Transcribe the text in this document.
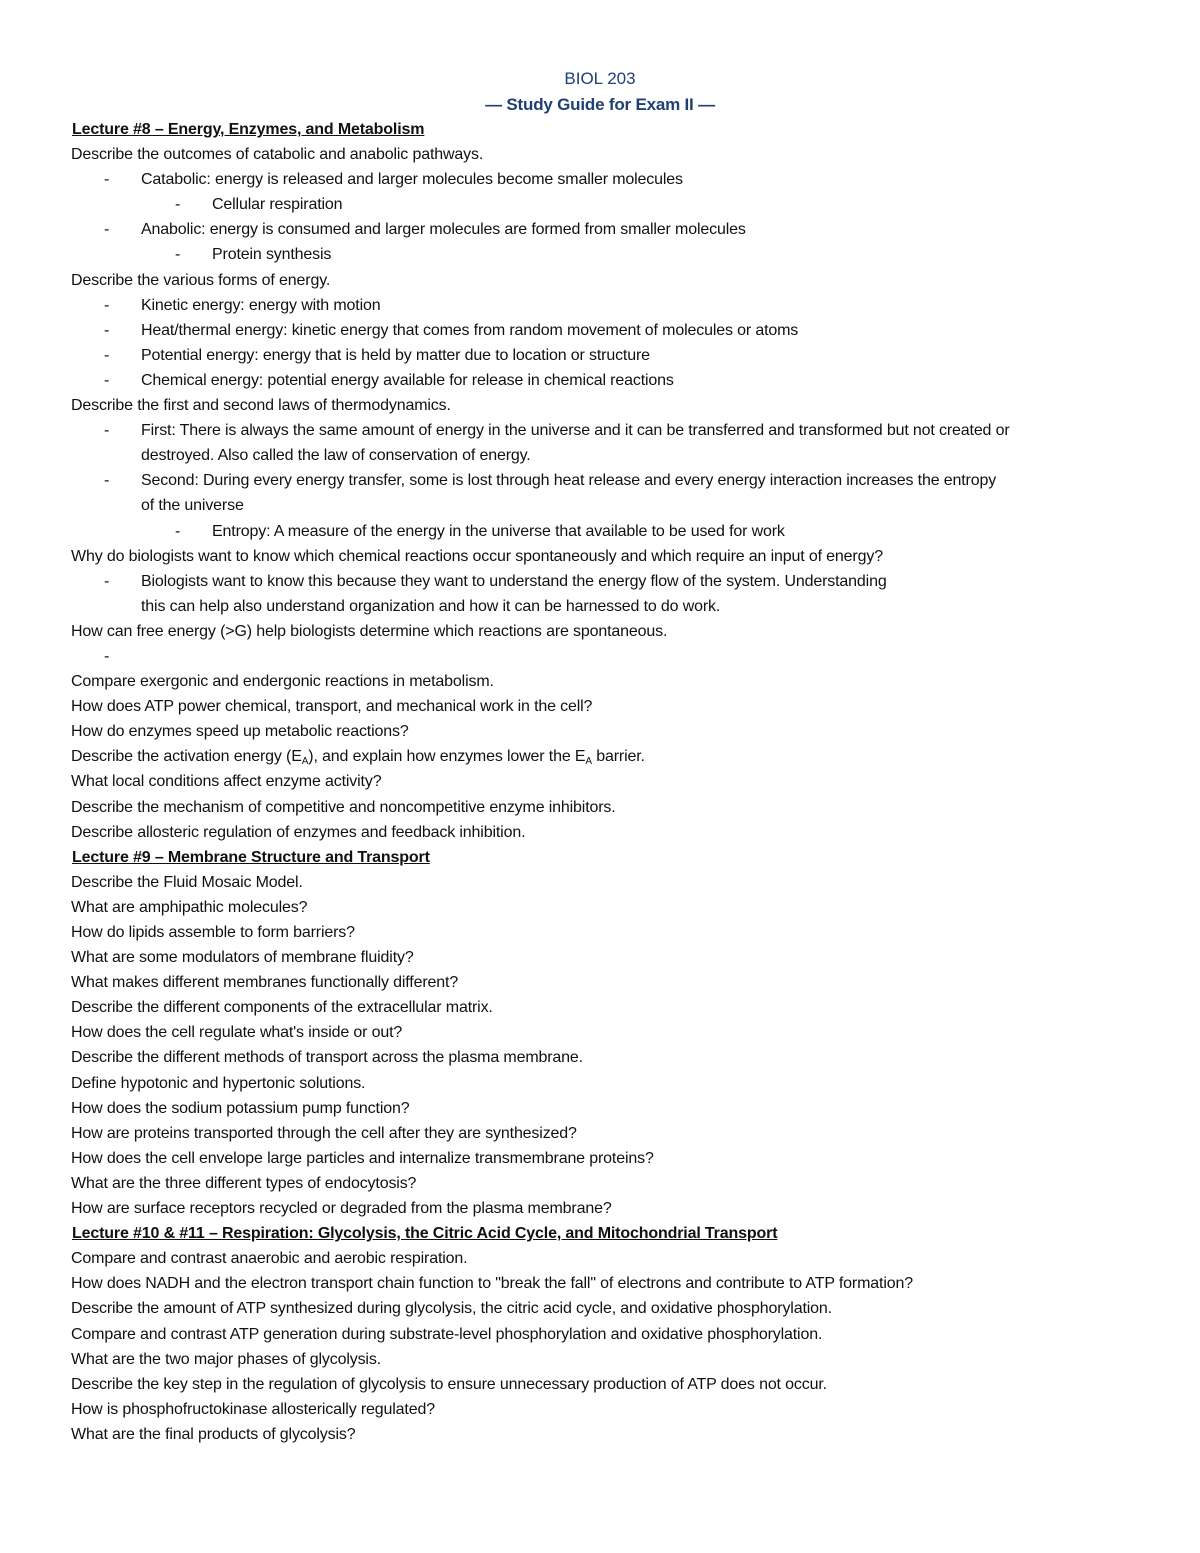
BIOL 203
— Study Guide for Exam II —
Lecture #8 – Energy, Enzymes, and Metabolism
Describe the outcomes of catabolic and anabolic pathways.
- Catabolic: energy is released and larger molecules become smaller molecules
- Cellular respiration
- Anabolic: energy is consumed and larger molecules are formed from smaller molecules
- Protein synthesis
Describe the various forms of energy.
- Kinetic energy: energy with motion
- Heat/thermal energy: kinetic energy that comes from random movement of molecules or atoms
- Potential energy: energy that is held by matter due to location or structure
- Chemical energy: potential energy available for release in chemical reactions
Describe the first and second laws of thermodynamics.
- First: There is always the same amount of energy in the universe and it can be transferred and transformed but not created or
destroyed. Also called the law of conservation of energy.
- Second: During every energy transfer, some is lost through heat release and every energy interaction increases the entropy
of the universe
- Entropy: A measure of the energy in the universe that available to be used for work
Why do biologists want to know which chemical reactions occur spontaneously and which require an input of energy?
- Biologists want to know this because they want to understand the energy flow of the system. Understanding
this can help also understand organization and how it can be harnessed to do work.
How can free energy (>G) help biologists determine which reactions are spontaneous.
-
Compare exergonic and endergonic reactions in metabolism.
How does ATP power chemical, transport, and mechanical work in the cell?
How do enzymes speed up metabolic reactions?
Describe the activation energy (EA), and explain how enzymes lower the EA barrier.
What local conditions affect enzyme activity?
Describe the mechanism of competitive and noncompetitive enzyme inhibitors.
Describe allosteric regulation of enzymes and feedback inhibition.
Lecture #9 – Membrane Structure and Transport
Describe the Fluid Mosaic Model.
What are amphipathic molecules?
How do lipids assemble to form barriers?
What are some modulators of membrane fluidity?
What makes different membranes functionally different?
Describe the different components of the extracellular matrix.
How does the cell regulate what's inside or out?
Describe the different methods of transport across the plasma membrane.
Define hypotonic and hypertonic solutions.
How does the sodium potassium pump function?
How are proteins transported through the cell after they are synthesized?
How does the cell envelope large particles and internalize transmembrane proteins?
What are the three different types of endocytosis?
How are surface receptors recycled or degraded from the plasma membrane?
Lecture #10 & #11 – Respiration: Glycolysis, the Citric Acid Cycle, and Mitochondrial Transport
Compare and contrast anaerobic and aerobic respiration.
How does NADH and the electron transport chain function to "break the fall" of electrons and contribute to ATP formation?
Describe the amount of ATP synthesized during glycolysis, the citric acid cycle, and oxidative phosphorylation.
Compare and contrast ATP generation during substrate-level phosphorylation and oxidative phosphorylation.
What are the two major phases of glycolysis.
Describe the key step in the regulation of glycolysis to ensure unnecessary production of ATP does not occur.
How is phosphofructokinase allosterically regulated?
What are the final products of glycolysis?
